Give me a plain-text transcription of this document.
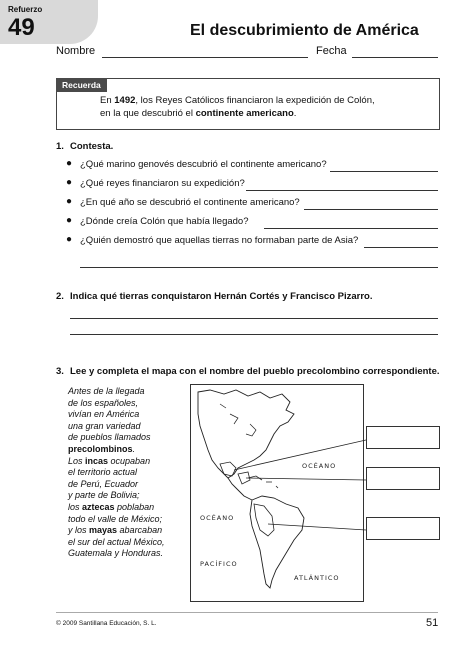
Refuerzo
49	El descubrimiento de América
Nombre	Fecha
Recuerda
En 1492, los Reyes Católicos financiaron la expedición de Colón,
en la que descubrió el continente americano.
1. Contesta.
● ¿Qué marino genovés descubrió el continente americano?
● ¿Qué reyes financiaron su expedición?
● ¿En qué año se descubrió el continente americano?
● ¿Dónde creía Colón que había llegado?
● ¿Quién demostró que aquellas tierras no formaban parte de Asia?
2. Indica qué tierras conquistaron Hernán Cortés y Francisco Pizarro.
3. Lee y completa el mapa con el nombre del pueblo precolombino correspondiente.
Antes de la llegada
de los españoles,
vivían en América
una gran variedad
de pueblos llamados
precolombinos.
Los incas ocupaban
el territorio actual
de Perú, Ecuador
y parte de Bolivia;
los aztecas poblaban
todo el valle de México;
y los mayas abarcaban
el sur del actual México,
Guatemala y Honduras.
OCÉANO
OCÉANO
PACÍFICO
ATLÁNTICO
© 2009 Santillana Educación, S. L.	51
